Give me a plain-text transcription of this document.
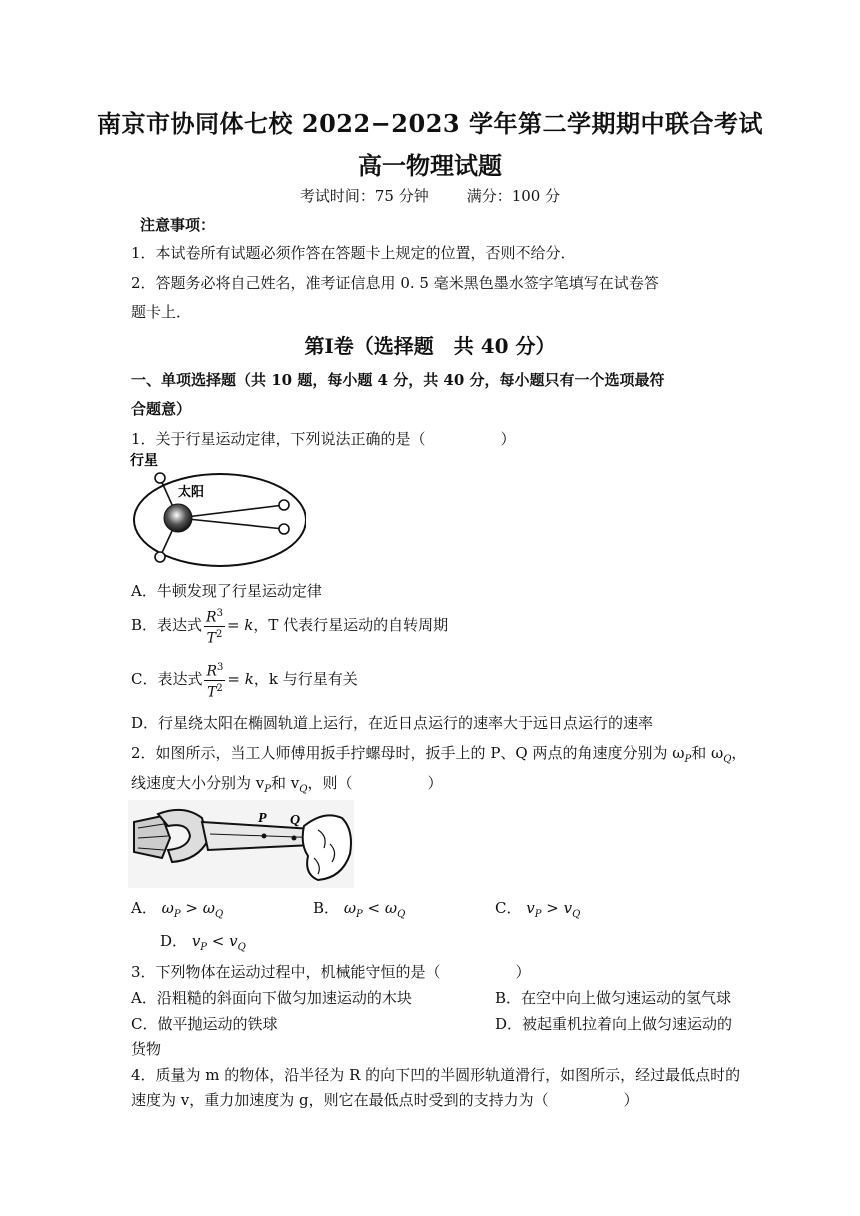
南京市协同体七校 2022−2023 学年第二学期期中联合考试
高一物理试题
考试时间：75 分钟	满分：100 分
注意事项：
1．本试卷所有试题必须作答在答题卡上规定的位置，否则不给分．
2．答题务必将自己姓名，准考证信息用 0. 5 毫米黑色墨水签字笔填写在试卷答
题卡上．
第Ⅰ卷（选择题　共 40 分）
一、单项选择题（共 10 题，每小题 4 分，共 40 分，每小题只有一个选项最符
合题意）
1．关于行星运动定律，下列说法正确的是（　　　　　）
行星
太阳
A．牛顿发现了行星运动定律
B．表达式 $\frac{R^3}{T^2} = k$，T 代表行星运动的自转周期
C．表达式 $\frac{R^3}{T^2} = k$，k 与行星有关
D．行星绕太阳在椭圆轨道上运行，在近日点运行的速率大于远日点运行的速率
2．如图所示，当工人师傅用扳手拧螺母时，扳手上的 P、Q 两点的角速度分别为 $\omega_P$和 $\omega_Q$，
线速度大小分别为 $v_P$和 $v_Q$，则（　　　　　）
P Q
A． $\omega_P > \omega_Q$	B． $\omega_P < \omega_Q$	C． $v_P > v_Q$
D． $v_P < v_Q$
3．下列物体在运动过程中，机械能守恒的是（　　　　　）
A．沿粗糙的斜面向下做匀加速运动的木块	B．在空中向上做匀速运动的氢气球
C．做平抛运动的铁球	D．被起重机拉着向上做匀速运动的
货物
4．质量为 m 的物体，沿半径为 R 的向下凹的半圆形轨道滑行，如图所示，经过最低点时的
速度为 v，重力加速度为 g，则它在最低点时受到的支持力为（　　　　　）
